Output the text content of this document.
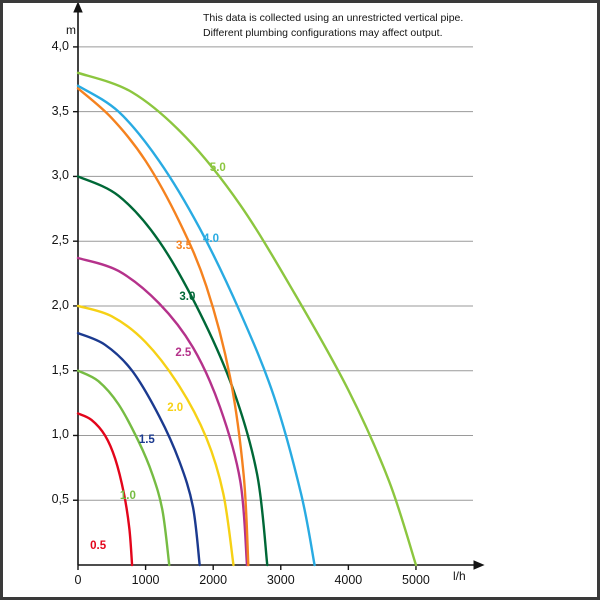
This data is collected using an unrestricted vertical pipe.
Different plumbing configurations may affect output.
m
l/h
4,0
3,5
3,0
2,5
2,0
1,5
1,0
0,5
0	1000	2000	3000	4000	5000
0.5
1.0
1.5
2.0
2.5
3.0
3.5
4.0
5.0
